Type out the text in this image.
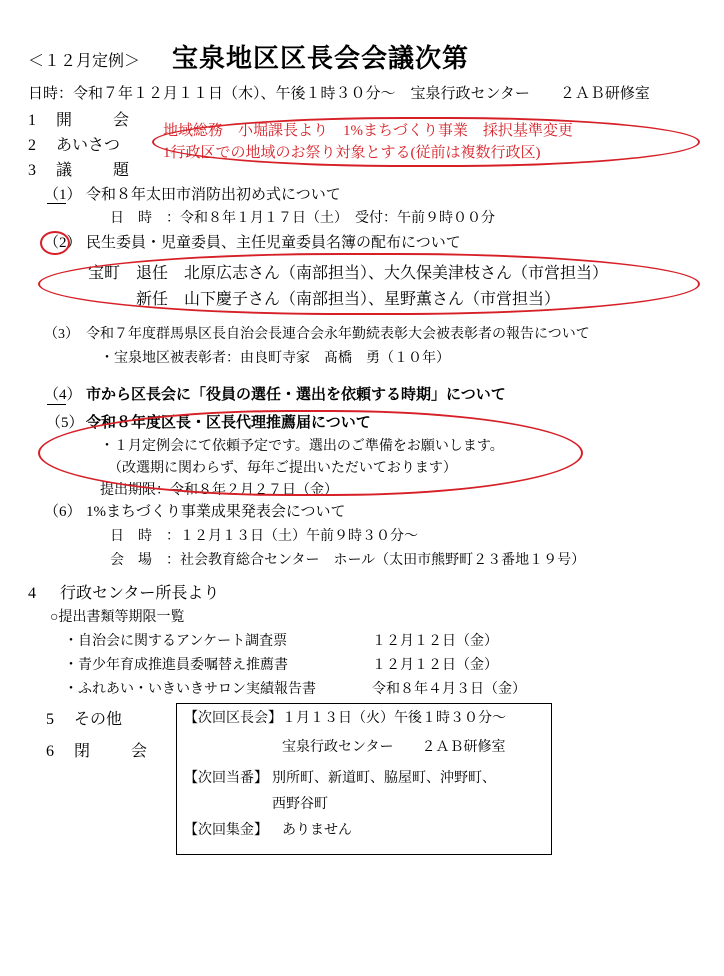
＜１２月定例＞ 宝泉地区区長会会議次第
日時：令和７年１２月１１日（木）、午後１時３０分～　宝泉行政センター　　２ＡＢ研修室
1 開　　会
2 あいさつ
3 議　　題
地域総務　小堀課長より　1%まちづくり事業　採択基準変更
1行政区での地域のお祭り対象とする(従前は複数行政区)
（1） 令和８年太田市消防出初め式について
日　時　：令和８年１月１７日（土）　受付：午前９時００分
（2） 民生委員・児童委員、主任児童委員名簿の配布について
宝町　退任　北原広志さん（南部担当）、大久保美津枝さん（市営担当）
　　　新任　山下慶子さん（南部担当）、星野薫さん（市営担当）
（3） 令和７年度群馬県区長自治会長連合会永年勤続表彰大会被表彰者の報告について
・宝泉地区被表彰者：由良町寺家　髙橋　勇（１０年）
（4） 市から区長会に「役員の選任・選出を依頼する時期」について
（5） 令和８年度区長・区長代理推薦届について
・１月定例会にて依頼予定です。選出のご準備をお願いします。
（改選期に関わらず、毎年ご提出いただいております）
提出期限：令和８年２月２７日（金）
（6） 1%まちづくり事業成果発表会について
日　時　：１２月１３日（土）午前９時３０分～
会　場　：社会教育総合センター　ホール（太田市熊野町２３番地１９号）
4 行政センター所長より
○提出書類等期限一覧
・自治会に関するアンケート調査票	１２月１２日（金）
・青少年育成推進員委嘱替え推薦書	１２月１２日（金）
・ふれあい・いきいきサロン実績報告書	令和８年４月３日（金）
5 その他
6 閉　　会
【次回区長会】 １月１３日（火）午後１時３０分～
宝泉行政センター　　２ＡＢ研修室
【次回当番】 別所町、新道町、脇屋町、沖野町、
西野谷町
【次回集金】 ありません
